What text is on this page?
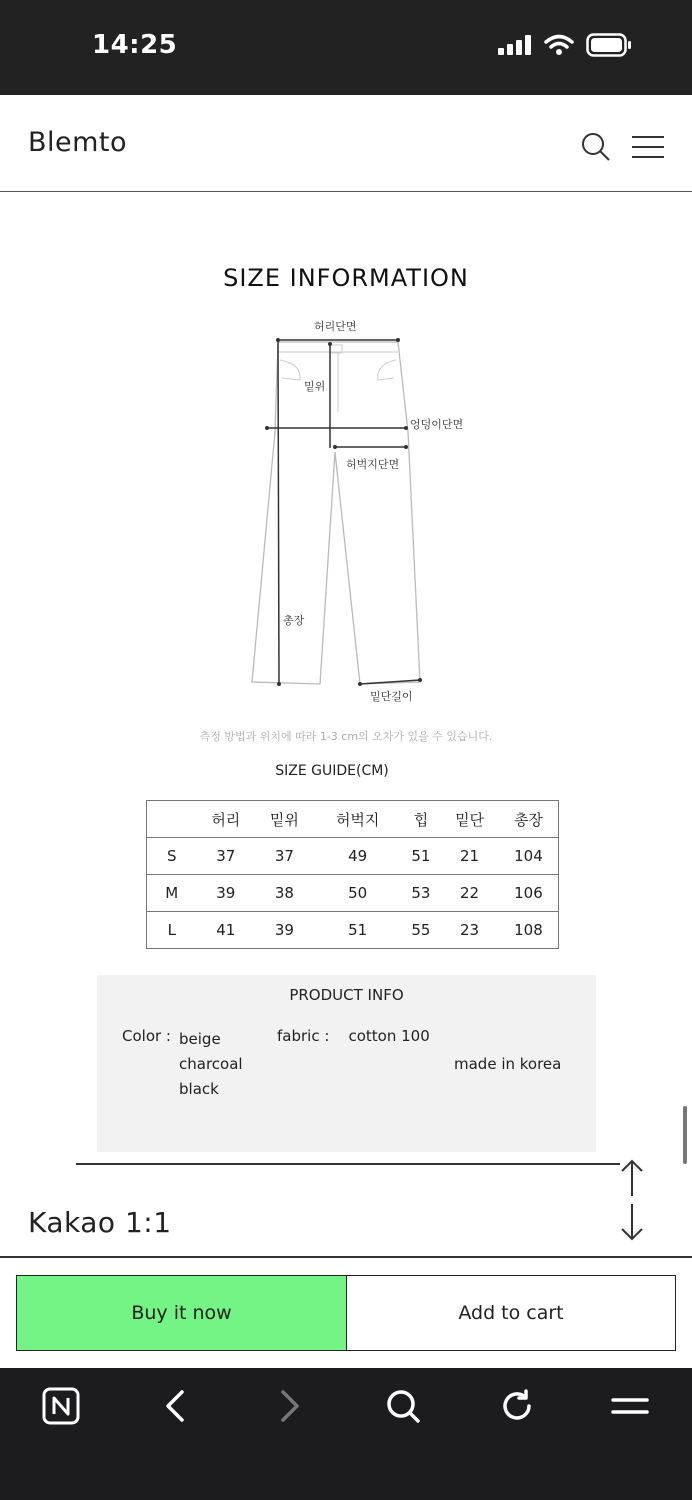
14:25
Blemto
SIZE INFORMATION
허리단면
밑위
엉덩이단면
허벅지단면
총장
밑단길이
측정 방법과 위치에 따라 1-3 cm의 오차가 있을 수 있습니다.
SIZE GUIDE(CM)
	허리	밑위	허벅지	힙	밑단	총장
S	37	37	49	51	21	104
M	39	38	50	53	22	106
L	41	39	51	55	23	108
PRODUCT INFO
Color : beige
charcoal
black
fabric :    cotton 100
made in korea
Kakao 1:1
Buy it now	Add to cart
